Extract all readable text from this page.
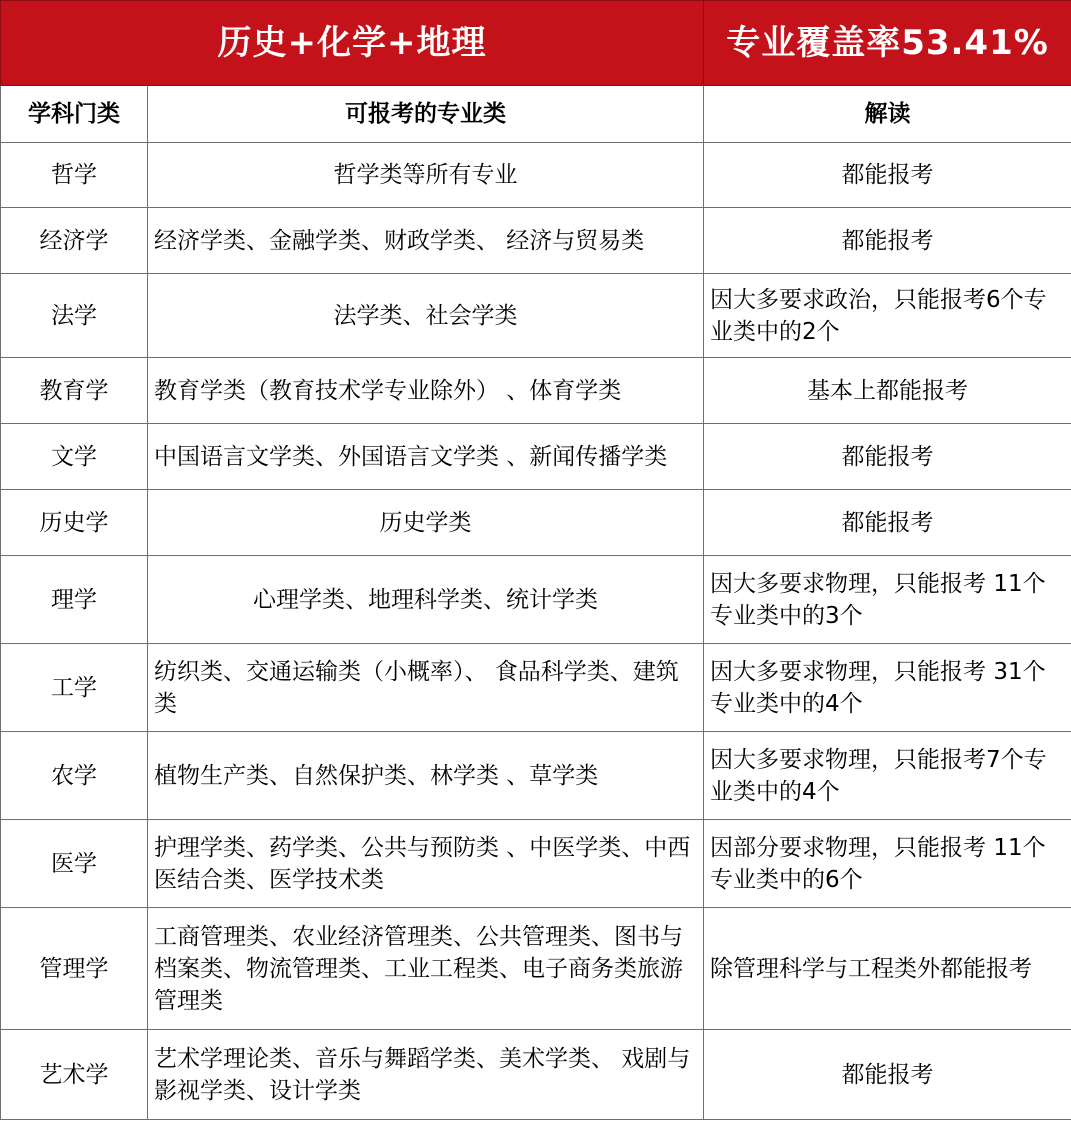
历史+化学+地理		专业覆盖率53.41%
学科门类	可报考的专业类	解读
哲学	哲学类等所有专业	都能报考
经济学	经济学类、金融学类、财政学类、 经济与贸易类	都能报考
法学	法学类、社会学类	因大多要求政治，只能报考6个专业类中的2个
教育学	教育学类（教育技术学专业除外） 、体育学类	基本上都能报考
文学	中国语言文学类、外国语言文学类 、新闻传播学类	都能报考
历史学	历史学类	都能报考
理学	心理学类、地理科学类、统计学类	因大多要求物理，只能报考 11个专业类中的3个
工学	纺织类、交通运输类（小概率）、 食品科学类、建筑类	因大多要求物理，只能报考 31个专业类中的4个
农学	植物生产类、自然保护类、林学类 、草学类	因大多要求物理，只能报考7个专业类中的4个
医学	护理学类、药学类、公共与预防类 、中医学类、中西医结合类、医学技术类	因部分要求物理，只能报考 11个专业类中的6个
管理学	工商管理类、农业经济管理类、公共管理类、图书与档案类、物流管理类、工业工程类、电子商务类旅游管理类	除管理科学与工程类外都能报考
艺术学	艺术学理论类、音乐与舞蹈学类、美术学类、 戏剧与影视学类、设计学类	都能报考
